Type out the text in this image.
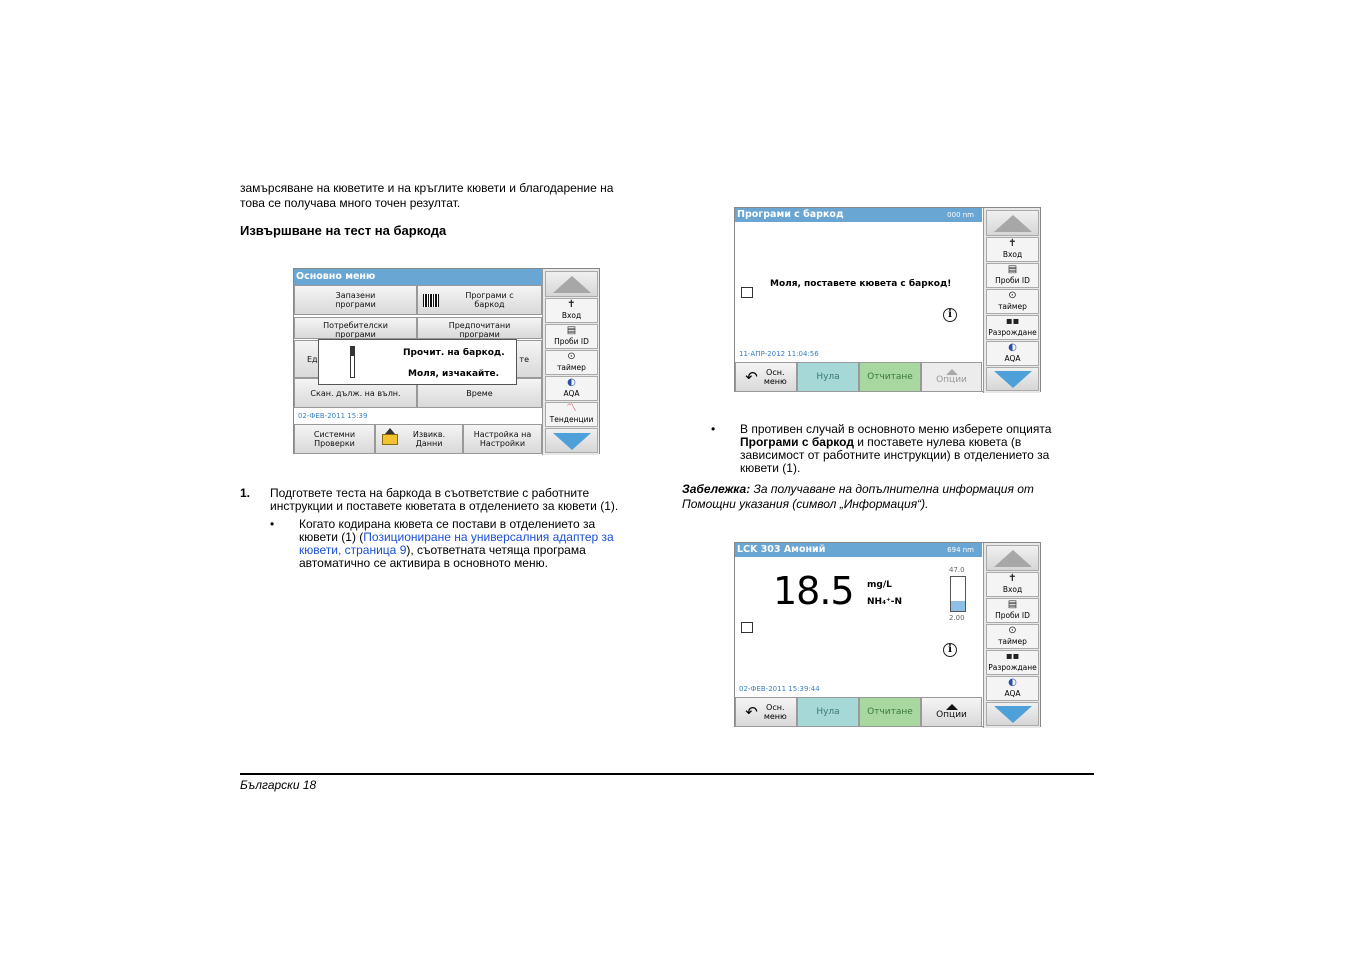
замърсяване на кюветите и на кръглите кювети и благодарение на
това се получава много точен резултат.
Извършване на тест на баркода
Основно меню
Запазени
програми
Програми с
баркод
Потребителски
програми
Предпочитани
програми
Ед	те
Скан. дълж. на вълн.	Време
02-ФЕВ-2011 15:39
Системни
Проверки
Извикв.
Данни
Настройка на
Настройки
Прочит. на баркод.
Моля, изчакайте.
✝
Вход
▤
Проби ID
⊙
таймер
◐
AQA
〽
Тенденции
1. Подгответе теста на баркода в съответствие с работните
инструкции и поставете кюветата в отделението за кювети (1).
• Когато кодирана кювета се постави в отделението за
кювети (1) (Позициониране на универсалния адаптер за
кювети, страница 9), съответната четяща програма
автоматично се активира в основното меню.
Програми с баркод	000 nm
Моля, поставете кювета с баркод!
i
11-АПР-2012 11:04:56
↶ Осн.
меню	Нула	Отчитане	Опции
✝
Вход
▤
Проби ID
⊙
таймер
▪▪
Разрождане
◐
AQA
• В противен случай в основното меню изберете опцията
Програми с баркод и поставете нулева кювета (в
зависимост от работните инструкции) в отделението за
кювети (1).
Забележка: За получаване на допълнителна информация от
Помощни указания (символ „Информация“).
LCK 303 Амоний	694 nm
18.5 mg/L
NH₄⁺-N
47.0
2.00
i
02-ФЕВ-2011 15:39:44
↶ Осн.
меню	Нула	Отчитане	Опции
✝
Вход
▤
Проби ID
⊙
таймер
▪▪
Разрождане
◐
AQA
Български 18
